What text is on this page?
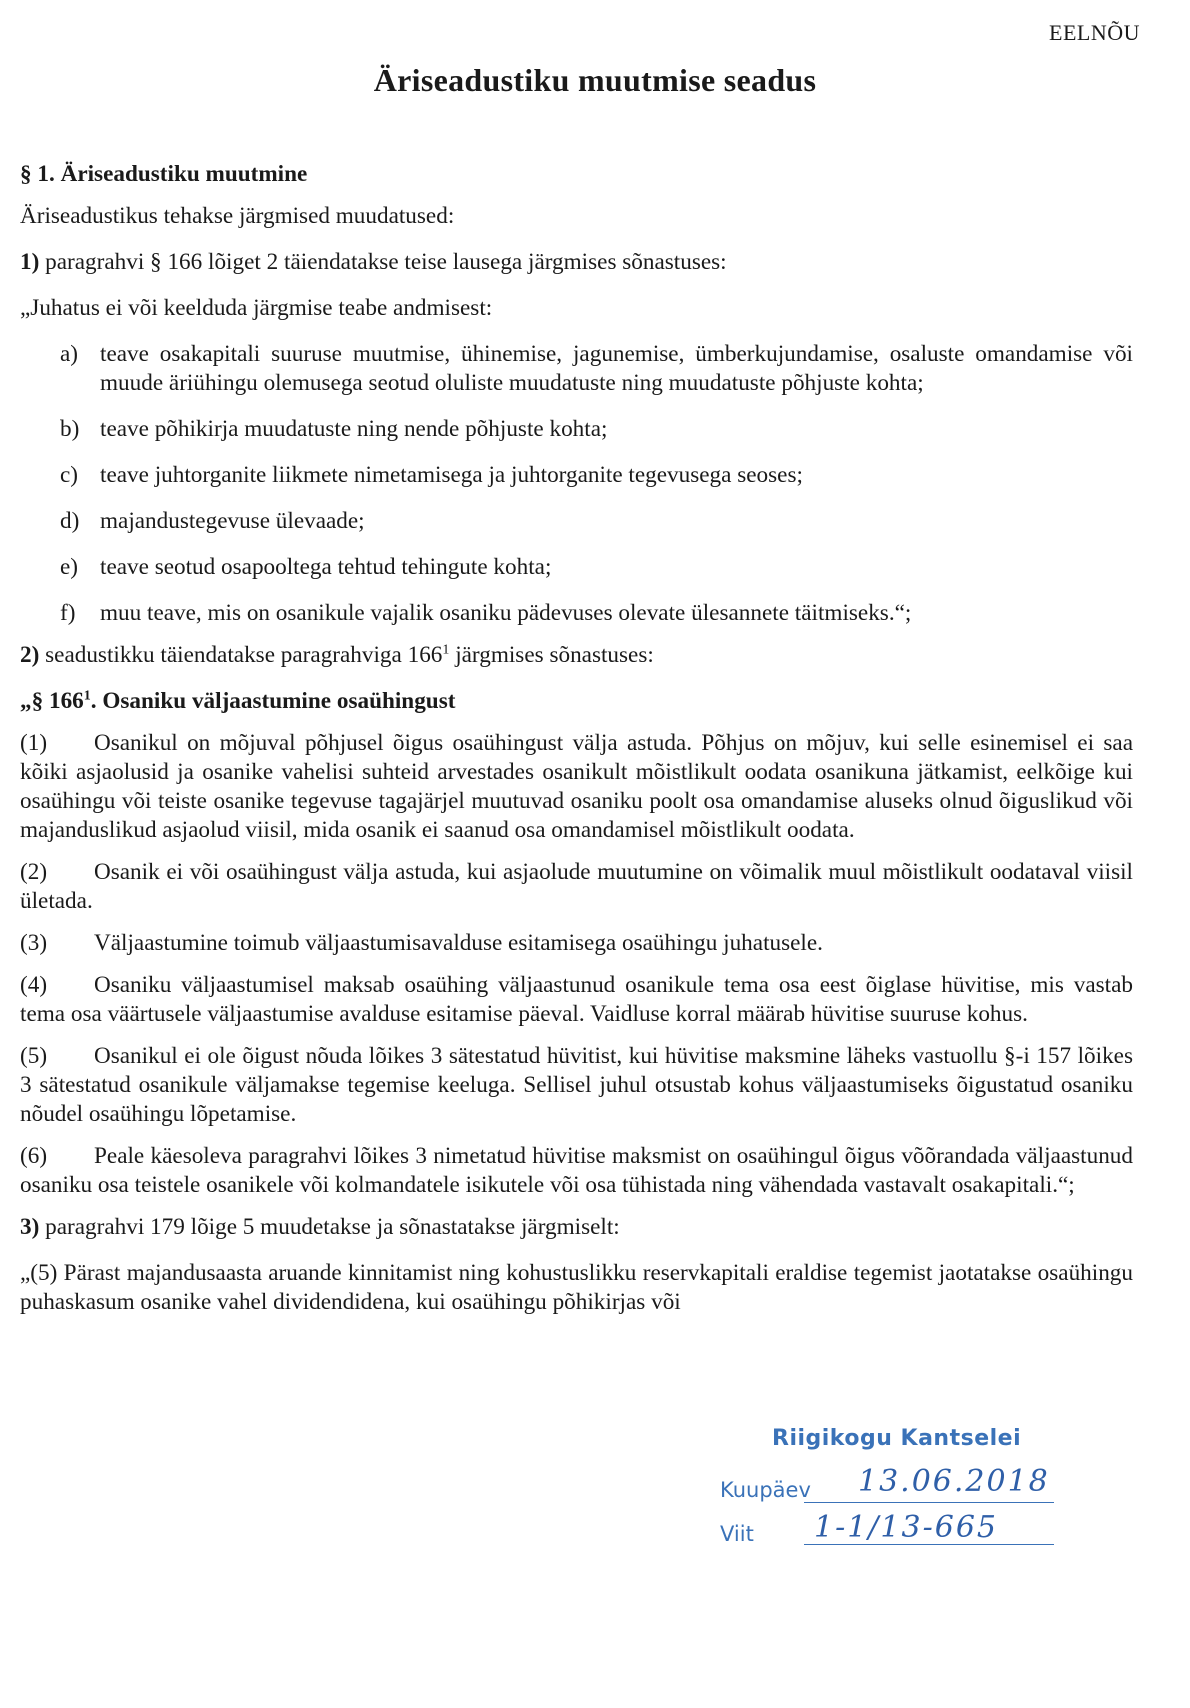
EELNÕU
Äriseadustiku muutmise seadus

§ 1. Äriseadustiku muutmine

Äriseadustikus tehakse järgmised muudatused:

1) paragrahvi § 166 lõiget 2 täiendatakse teise lausega järgmises sõnastuses:

„Juhatus ei või keelduda järgmise teabe andmisest:

a) teave osakapitali suuruse muutmise, ühinemise, jagunemise, ümberkujundamise, osaluste omandamise või muude äriühingu olemusega seotud oluliste muudatuste ning muudatuste põhjuste kohta;
b) teave põhikirja muudatuste ning nende põhjuste kohta;
c) teave juhtorganite liikmete nimetamisega ja juhtorganite tegevusega seoses;
d) majandustegevuse ülevaade;
e) teave seotud osapooltega tehtud tehingute kohta;
f)	muu teave, mis on osanikule vajalik osaniku pädevuses olevate ülesannete täitmiseks.“;

2) seadustikku täiendatakse paragrahviga $166^1$ järgmises sõnastuses:

„§ $166^1$. Osaniku väljaastumine osaühingust

(1) Osanikul on mõjuval põhjusel õigus osaühingust välja astuda. Põhjus on mõjuv, kui selle esinemisel ei saa kõiki asjaolusid ja osanike vahelisi suhteid arvestades osanikult mõistlikult oodata osanikuna jätkamist, eelkõige kui osaühingu või teiste osanike tegevuse tagajärjel muutuvad osaniku poolt osa omandamise aluseks olnud õiguslikud või majanduslikud asjaolud viisil, mida osanik ei saanud osa omandamisel mõistlikult oodata.

(2) Osanik ei või osaühingust välja astuda, kui asjaolude muutumine on võimalik muul mõistlikult oodataval viisil ületada.

(3) Väljaastumine toimub väljaastumisavalduse esitamisega osaühingu juhatusele.

(4) Osaniku väljaastumisel maksab osaühing väljaastunud osanikule tema osa eest õiglase hüvitise, mis vastab tema osa väärtusele väljaastumise avalduse esitamise päeval. Vaidluse korral määrab hüvitise suuruse kohus.

(5) Osanikul ei ole õigust nõuda lõikes 3 sätestatud hüvitist, kui hüvitise maksmine läheks vastuollu §-i 157 lõikes 3 sätestatud osanikule väljamakse tegemise keeluga. Sellisel juhul otsustab kohus väljaastumiseks õigustatud osaniku nõudel osaühingu lõpetamise.

(6) Peale käesoleva paragrahvi lõikes 3 nimetatud hüvitise maksmist on osaühingul õigus võõrandada väljaastunud osaniku osa teistele osanikele või kolmandatele isikutele või osa tühistada ning vähendada vastavalt osakapitali.“;

3) paragrahvi 179 lõige 5 muudetakse ja sõnastatakse järgmiselt:

„(5) Pärast majandusaasta aruande kinnitamist ning kohustuslikku reservkapitali eraldise tegemist jaotatakse osaühingu puhaskasum osanike vahel dividendidena, kui osaühingu põhikirjas või

Riigikogu Kantselei
Kuupäev 13.06.2018
Viit 1-1/13-665
